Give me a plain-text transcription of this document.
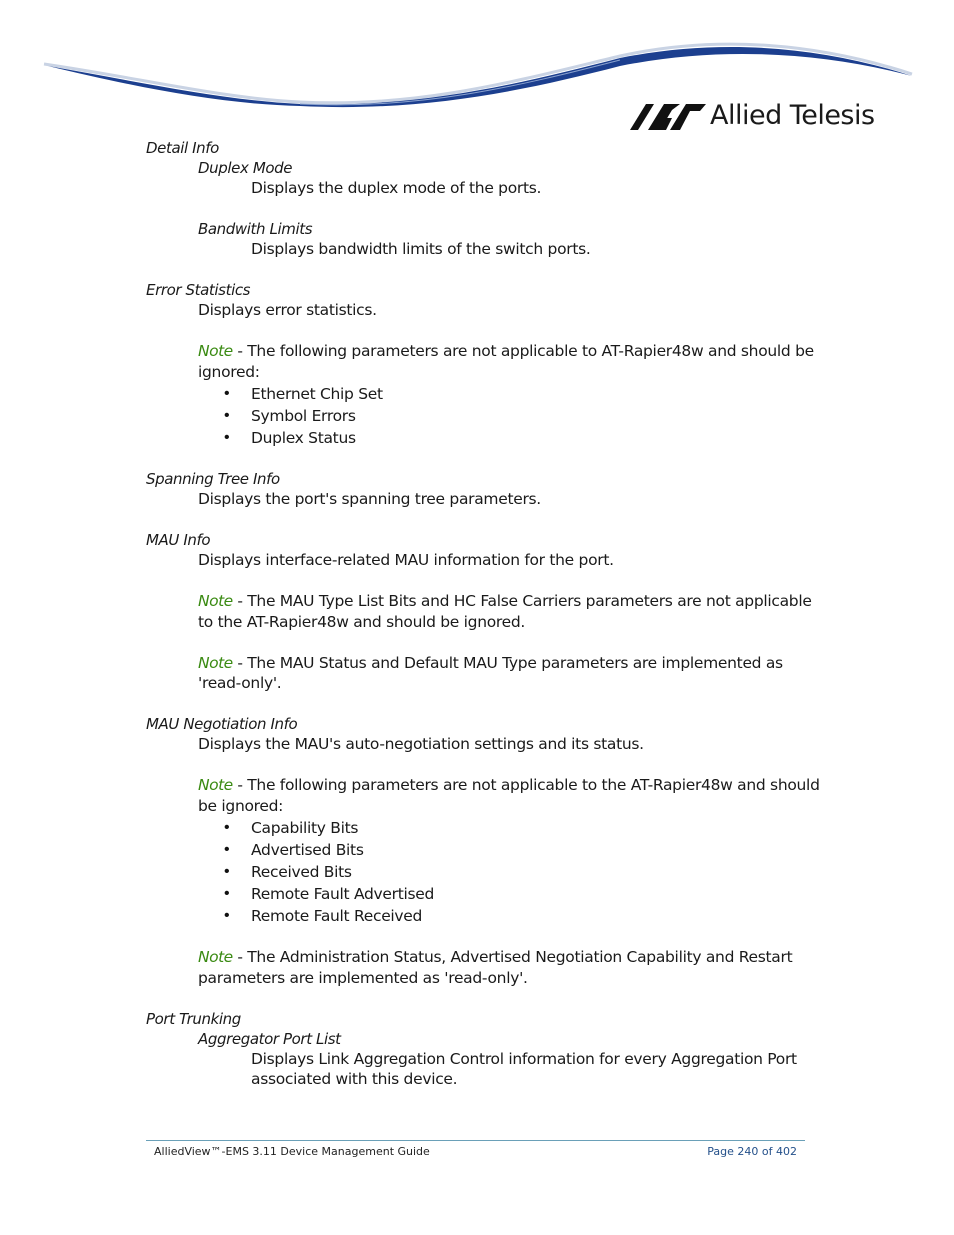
Allied Telesis
Detail Info
Duplex Mode
Displays the duplex mode of the ports.
Bandwith Limits
Displays bandwidth limits of the switch ports.
Error Statistics
Displays error statistics.
Note - The following parameters are not applicable to AT-Rapier48w and should be
ignored:
• Ethernet Chip Set
• Symbol Errors
• Duplex Status
Spanning Tree Info
Displays the port's spanning tree parameters.
MAU Info
Displays interface-related MAU information for the port.
Note - The MAU Type List Bits and HC False Carriers parameters are not applicable
to the AT-Rapier48w and should be ignored.
Note - The MAU Status and Default MAU Type parameters are implemented as
'read-only'.
MAU Negotiation Info
Displays the MAU's auto-negotiation settings and its status.
Note - The following parameters are not applicable to the AT-Rapier48w and should
be ignored:
• Capability Bits
• Advertised Bits
• Received Bits
• Remote Fault Advertised
• Remote Fault Received
Note - The Administration Status, Advertised Negotiation Capability and Restart
parameters are implemented as 'read-only'.
Port Trunking
Aggregator Port List
Displays Link Aggregation Control information for every Aggregation Port
associated with this device.
AlliedView™-EMS 3.11 Device Management Guide	Page 240 of 402
